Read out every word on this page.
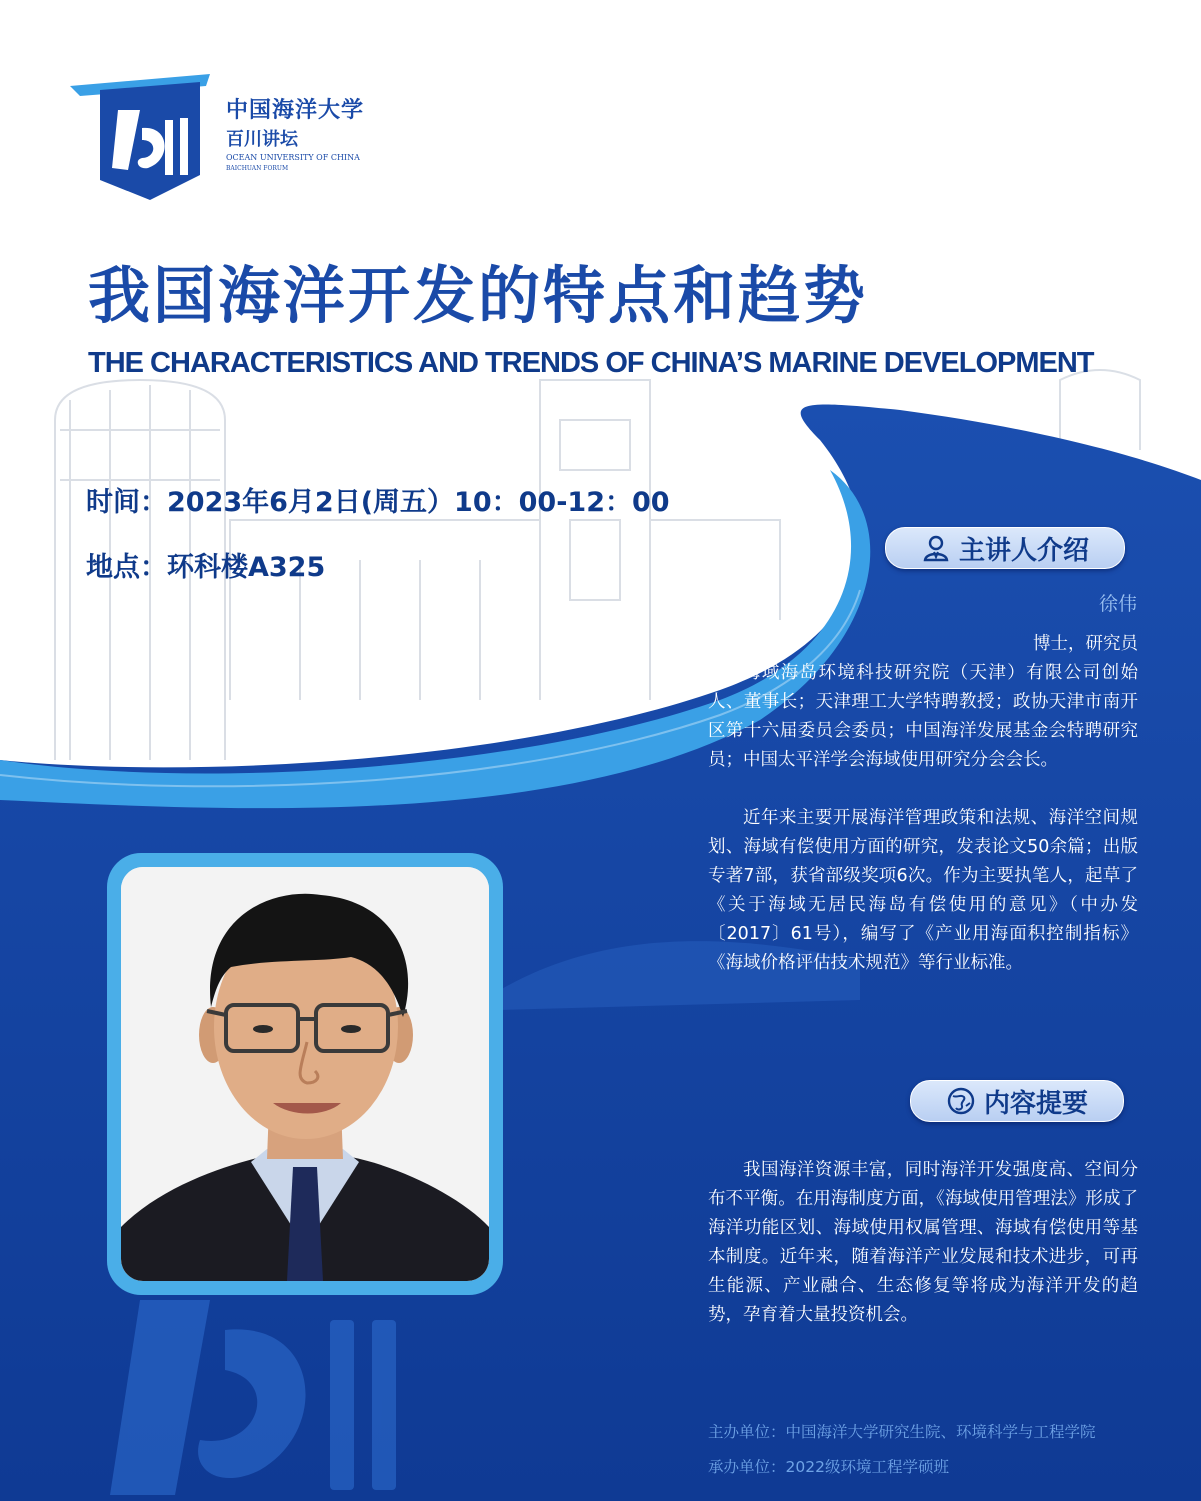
中国海洋大学
百川讲坛
OCEAN UNIVERSITY OF CHINA
BAICHUAN FORUM
我国海洋开发的特点和趋势
THE CHARACTERISTICS AND TRENDS OF CHINA’S MARINE DEVELOPMENT
时间：2023年6月2日(周五）10：00-12：00
地点：环科楼A325
主讲人介绍
徐伟

博士，研究员

海域海岛环境科技研究院（天津）有限公司创始人、董事长；天津理工大学特聘教授；政协天津市南开区第十六届委员会委员；中国海洋发展基金会特聘研究员；中国太平洋学会海域使用研究分会会长。

近年来主要开展海洋管理政策和法规、海洋空间规划、海域有偿使用方面的研究，发表论文50余篇；出版专著7部，获省部级奖项6次。作为主要执笔人，起草了《关于海域无居民海岛有偿使用的意见》（中办发〔2017〕61号），编写了《产业用海面积控制指标》《海域价格评估技术规范》等行业标准。

内容提要

我国海洋资源丰富，同时海洋开发强度高、空间分布不平衡。在用海制度方面，《海域使用管理法》形成了海洋功能区划、海域使用权属管理、海域有偿使用等基本制度。近年来，随着海洋产业发展和技术进步，可再生能源、产业融合、生态修复等将成为海洋开发的趋势，孕育着大量投资机会。

主办单位：中国海洋大学研究生院、环境科学与工程学院
承办单位：2022级环境工程学硕班
